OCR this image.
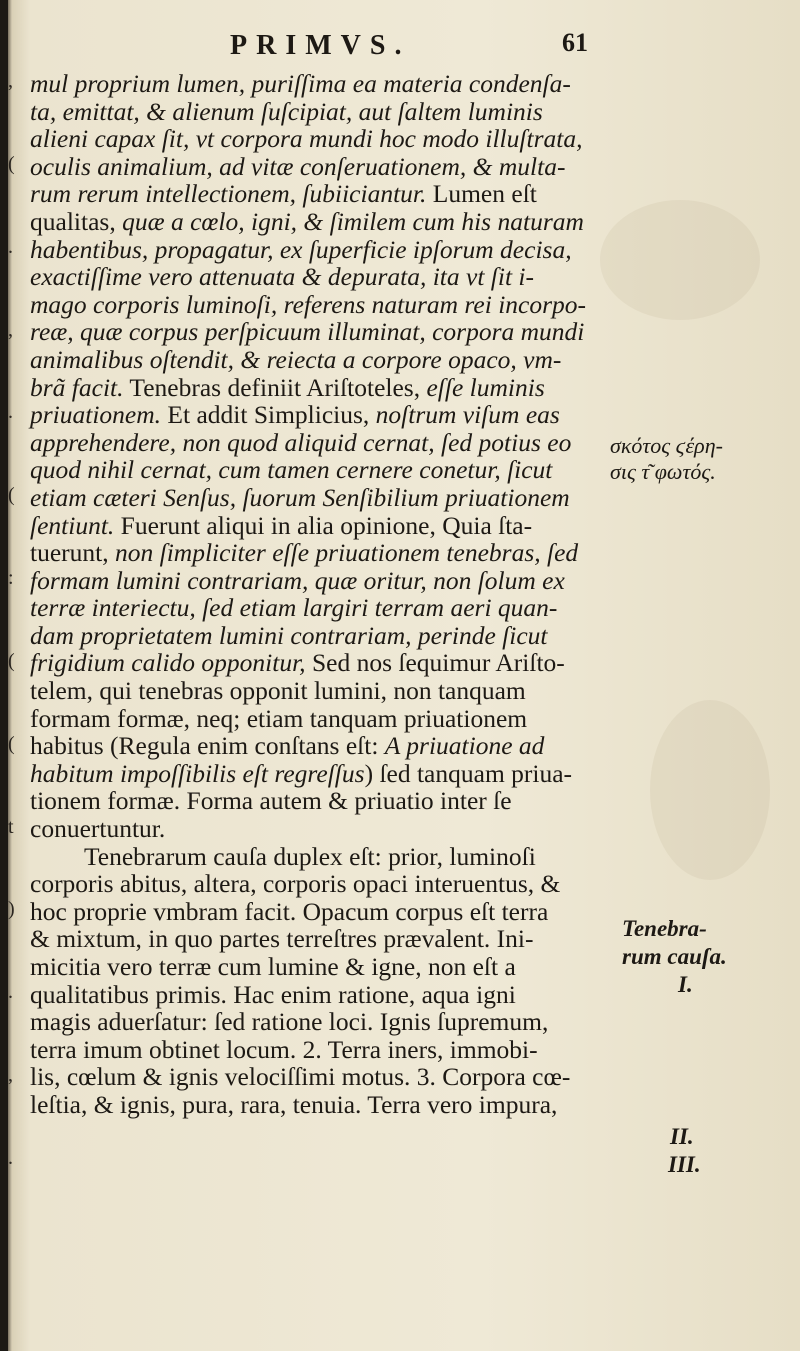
,
(
.
,
.
(
:
(
(
t
)
.
,
.
PRIMVS.	61
mul proprium lumen, puriſſima ea materia condenſa-
ta, emittat, & alienum ſuſcipiat, aut ſaltem luminis
alieni capax ſit, vt corpora mundi hoc modo illuſtrata,
oculis animalium, ad vitæ conſeruationem, & multa-
rum rerum intellectionem, ſubiiciantur. Lumen eſt
qualitas, quæ a cœlo, igni, & ſimilem cum his naturam
habentibus, propagatur, ex ſuperficie ipſorum decisa,
exactiſſime vero attenuata & depurata, ita vt ſit i-
mago corporis luminoſi, referens naturam rei incorpo-
reæ, quæ corpus perſpicuum illuminat, corpora mundi
animalibus oſtendit, & reiecta a corpore opaco, vm-
brã facit. Tenebras definiit Ariſtoteles, eſſe luminis
priuationem. Et addit Simplicius, noſtrum viſum eas
apprehendere, non quod aliquid cernat, ſed potius eo
quod nihil cernat, cum tamen cernere conetur, ſicut
etiam cæteri Senſus, ſuorum Senſibilium priuationem
ſentiunt. Fuerunt aliqui in alia opinione, Quia ſta-
tuerunt, non ſimpliciter eſſe priuationem tenebras, ſed
formam lumini contrariam, quæ oritur, non ſolum ex
terræ interiectu, ſed etiam largiri terram aeri quan-
dam proprietatem lumini contrariam, perinde ſicut
frigidium calido opponitur, Sed nos ſequimur Ariſto-
telem, qui tenebras opponit lumini, non tanquam
formam formæ, neq; etiam tanquam priuationem
habitus (Regula enim conſtans eſt: A priuatione ad
habitum impoſſibilis eſt regreſſus) ſed tanquam priua-
tionem formæ. Forma autem & priuatio inter ſe
conuertuntur.
Tenebrarum cauſa duplex eſt: prior, luminoſi
corporis abitus, altera, corporis opaci interuentus, &
hoc proprie vmbram facit. Opacum corpus eſt terra
& mixtum, in quo partes terreſtres prævalent. Ini-
micitia vero terræ cum lumine & igne, non eſt a
qualitatibus primis. Hac enim ratione, aqua igni
magis aduerſatur: ſed ratione loci. Ignis ſupremum,
terra imum obtinet locum. 2. Terra iners, immobi-
lis, cœlum & ignis velociſſimi motus. 3. Corpora cœ-
leſtia, & ignis, pura, rara, tenuia. Terra vero impura,
σκότος ϛέρη-
σις τ͂ φωτός.
Tenebra-
rum cauſa.
I.
II.
III.
